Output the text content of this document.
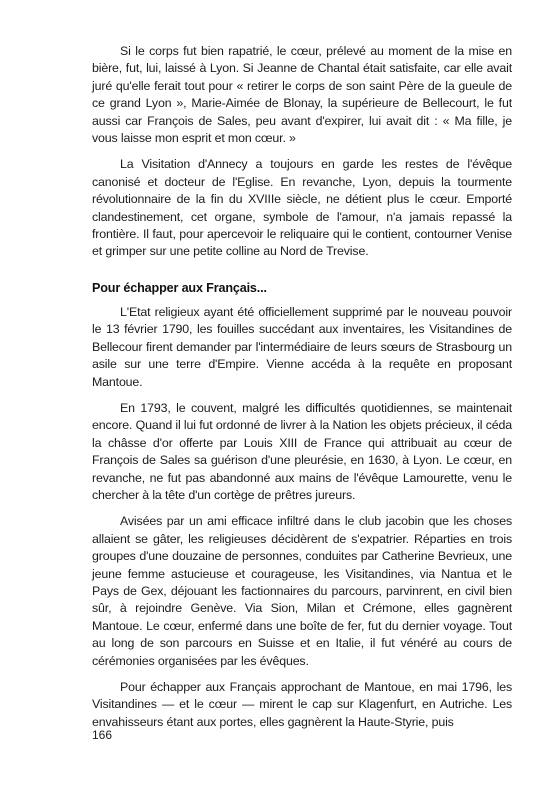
Si le corps fut bien rapatrié, le cœur, prélevé au moment de la mise en bière, fut, lui, laissé à Lyon. Si Jeanne de Chantal était satisfaite, car elle avait juré qu'elle ferait tout pour « retirer le corps de son saint Père de la gueule de ce grand Lyon », Marie-Aimée de Blonay, la supérieure de Bellecourt, le fut aussi car François de Sales, peu avant d'expirer, lui avait dit : « Ma fille, je vous laisse mon esprit et mon cœur. »

La Visitation d'Annecy a toujours en garde les restes de l'évêque canonisé et docteur de l'Eglise. En revanche, Lyon, depuis la tourmente révolutionnaire de la fin du XVIIIe siècle, ne détient plus le cœur. Emporté clandestinement, cet organe, symbole de l'amour, n'a jamais repassé la frontière. Il faut, pour apercevoir le reliquaire qui le contient, contourner Venise et grimper sur une petite colline au Nord de Trevise.

Pour échapper aux Français...

L'Etat religieux ayant été officiellement supprimé par le nouveau pouvoir le 13 février 1790, les fouilles succédant aux inventaires, les Visitandines de Bellecour firent demander par l'intermédiaire de leurs sœurs de Strasbourg un asile sur une terre d'Empire. Vienne accéda à la requête en proposant Mantoue.

En 1793, le couvent, malgré les difficultés quotidiennes, se maintenait encore. Quand il lui fut ordonné de livrer à la Nation les objets précieux, il céda la châsse d'or offerte par Louis XIII de France qui attribuait au cœur de François de Sales sa guérison d'une pleurésie, en 1630, à Lyon. Le cœur, en revanche, ne fut pas abandonné aux mains de l'évêque Lamourette, venu le chercher à la tête d'un cortège de prêtres jureurs.

Avisées par un ami efficace infiltré dans le club jacobin que les choses allaient se gâter, les religieuses décidèrent de s'expatrier. Réparties en trois groupes d'une douzaine de personnes, conduites par Catherine Bevrieux, une jeune femme astucieuse et courageuse, les Visitandines, via Nantua et le Pays de Gex, déjouant les factionnaires du parcours, parvinrent, en civil bien sûr, à rejoindre Genève. Via Sion, Milan et Crémone, elles gagnèrent Mantoue. Le cœur, enfermé dans une boîte de fer, fut du dernier voyage. Tout au long de son parcours en Suisse et en Italie, il fut vénéré au cours de cérémonies organisées par les évêques.

Pour échapper aux Français approchant de Mantoue, en mai 1796, les Visitandines — et le cœur — mirent le cap sur Klagenfurt, en Autriche. Les envahisseurs étant aux portes, elles gagnèrent la Haute-Styrie, puis

166
